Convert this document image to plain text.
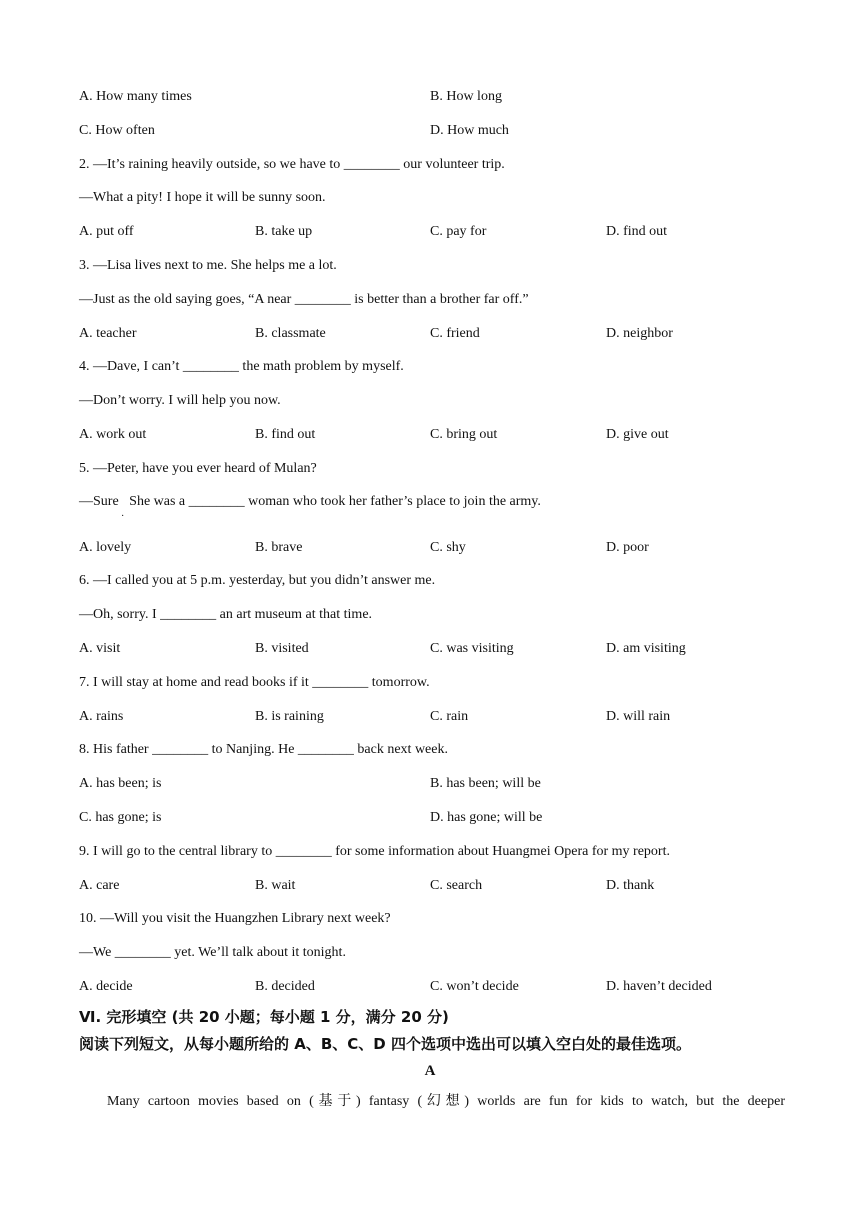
A. How many times	B. How long
C. How often	D. How much
2. —It’s raining heavily outside, so we have to ________ our volunteer trip.
—What a pity! I hope it will be sunny soon.
A. put off	B. take up	C. pay for	D. find out
3. —Lisa lives next to me. She helps me a lot.
—Just as the old saying goes, “A near ________ is better than a brother far off.”
A. teacher	B. classmate	C. friend	D. neighbor
4. —Dave, I can’t ________ the math problem by myself.
—Don’t worry. I will help you now.
A. work out	B. find out	C. bring out	D. give out
5. —Peter, have you ever heard of Mulan?
—Sure   She was a ________ woman who took her father’s place to join the army.
·
A. lovely	B. brave	C. shy	D. poor
6. —I called you at 5 p.m. yesterday, but you didn’t answer me.
—Oh, sorry. I ________ an art museum at that time.
A. visit	B. visited	C. was visiting	D. am visiting
7. I will stay at home and read books if it ________ tomorrow.
A. rains	B. is raining	C. rain	D. will rain
8. His father ________ to Nanjing. He ________ back next week.
A. has been; is	B. has been; will be
C. has gone; is	D. has gone; will be
9. I will go to the central library to ________ for some information about Huangmei Opera for my report.
A. care	B. wait	C. search	D. thank
10. —Will you visit the Huangzhen Library next week?
—We ________ yet. We’ll talk about it tonight.
A. decide	B. decided	C. won’t decide	D. haven’t decided
Ⅵ. 完形填空 (共 20 小题；每小题 1 分，满分 20 分)
阅读下列短文，从每小题所给的 A、B、C、D 四个选项中选出可以填入空白处的最佳选项。
A
Many cartoon movies based on (基于) fantasy (幻想) worlds are fun for kids to watch, but the deeper
